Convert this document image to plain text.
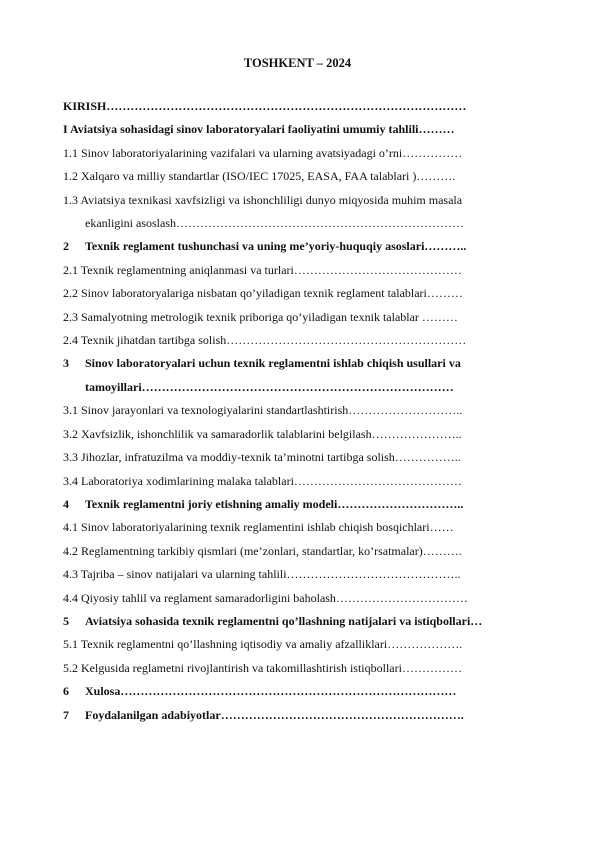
TOSHKENT – 2024
KIRISH………………………………………………………………………………
I Aviatsiya sohasidagi sinov laboratoryalari faoliyatini umumiy tahlili………
1.1 Sinov laboratoriyalarining vazifalari va ularning avatsiyadagi o’rni……………
1.2 Xalqaro va milliy standartlar (ISO/IEC 17025, EASA, FAA talablari )……….
1.3 Aviatsiya texnikasi xavfsizligi va ishonchliligi dunyo miqyosida muhim masala
ekanligini asoslash………………………………………………………………
2 Texnik reglament tushunchasi va uning me’yoriy-huquqiy asoslari………..
2.1 Texnik reglamentning aniqlanmasi va turlari……………………………………
2.2 Sinov laboratoryalariga nisbatan qo’yiladigan texnik reglament talablari………
2.3 Samalyotning metrologik texnik priboriga qo’yiladigan texnik talablar ………
2.4 Texnik jihatdan tartibga solish……………………………………………………
3 Sinov laboratoryalari uchun texnik reglamentni ishlab chiqish usullari va
tamoyillari……………………………………………………………………
3.1 Sinov jarayonlari va texnologiyalarini standartlashtirish………………………..
3.2 Xavfsizlik, ishonchlilik va samaradorlik talablarini belgilash…………………..
3.3 Jihozlar, infratuzilma va moddiy-texnik ta’minotni tartibga solish……………..
3.4 Laboratoriya xodimlarining malaka talablari……………………………………
4 Texnik reglamentni joriy etishning amaliy modeli…………………………..
4.1 Sinov laboratoriyalarining texnik reglamentini ishlab chiqish bosqichlari……
4.2 Reglamentning tarkibiy qismlari (me’zonlari, standartlar, ko’rsatmalar)……….
4.3 Tajriba – sinov natijalari va ularning tahlili……………………………………..
4.4 Qiyosiy tahlil va reglament samaradorligini baholash……………………………
5 Aviatsiya sohasida texnik reglamentni qo’llashning natijalari va istiqbollari…
5.1 Texnik reglamentni qo’llashning iqtisodiy va amaliy afzalliklari……………….
5.2 Kelgusida reglametni rivojlantirish va takomillashtirish istiqbollari……………
6 Xulosa…………………………………………………………………………
7 Foydalanilgan adabiyotlar…………………………………………………….
